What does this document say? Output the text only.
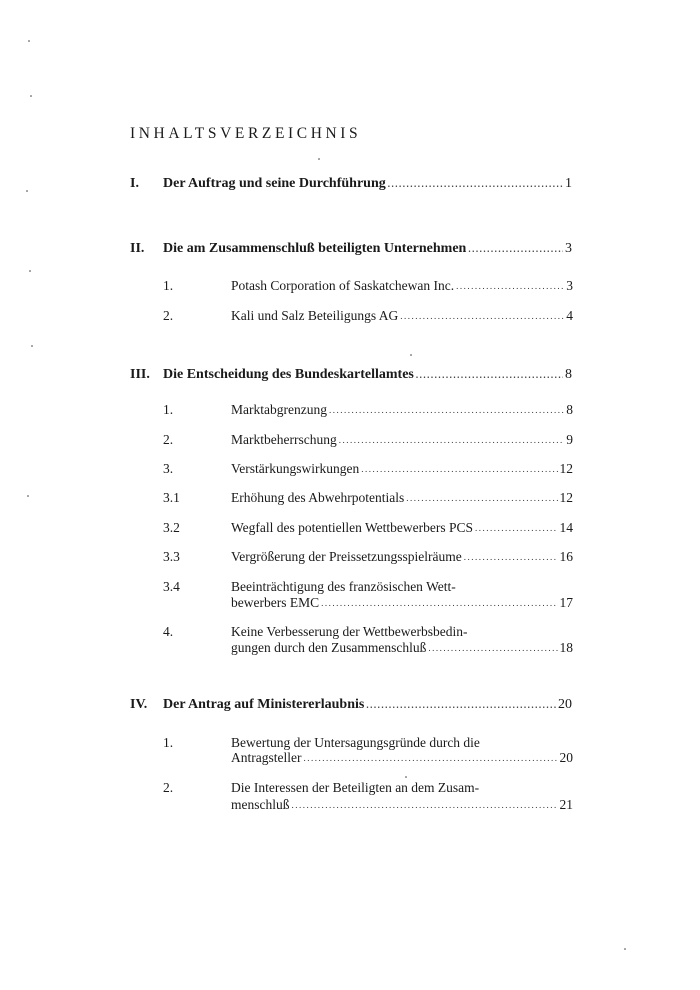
INHALTSVERZEICHNIS
I.	Der Auftrag und seine Durchführung .....	1
II.	Die am Zusammenschluß beteiligten Unternehmen .....	3
1.	Potash Corporation of Saskatchewan Inc. .....	3
2.	Kali und Salz Beteiligungs AG .....	4
III. Die Entscheidung des Bundeskartellamtes .....	8
1.	Marktabgrenzung .....	8
2.	Marktbeherrschung .....	9
3.	Verstärkungswirkungen .....	12
3.1	Erhöhung des Abwehrpotentials .....	12
3.2	Wegfall des potentiellen Wettbewerbers PCS .....	14
3.3	Vergrößerung der Preissetzungsspielräume .....	16
3.4	Beeinträchtigung des französischen Wett-
bewerbers EMC .....	17
4.	Keine Verbesserung der Wettbewerbsbedin-
gungen durch den Zusammenschluß .....	18
IV.	Der Antrag auf Ministererlaubnis .....	20
1.	Bewertung der Untersagungsgründe durch die
Antragsteller .....	20
2.	Die Interessen der Beteiligten an dem Zusam-
menschluß .....	21
